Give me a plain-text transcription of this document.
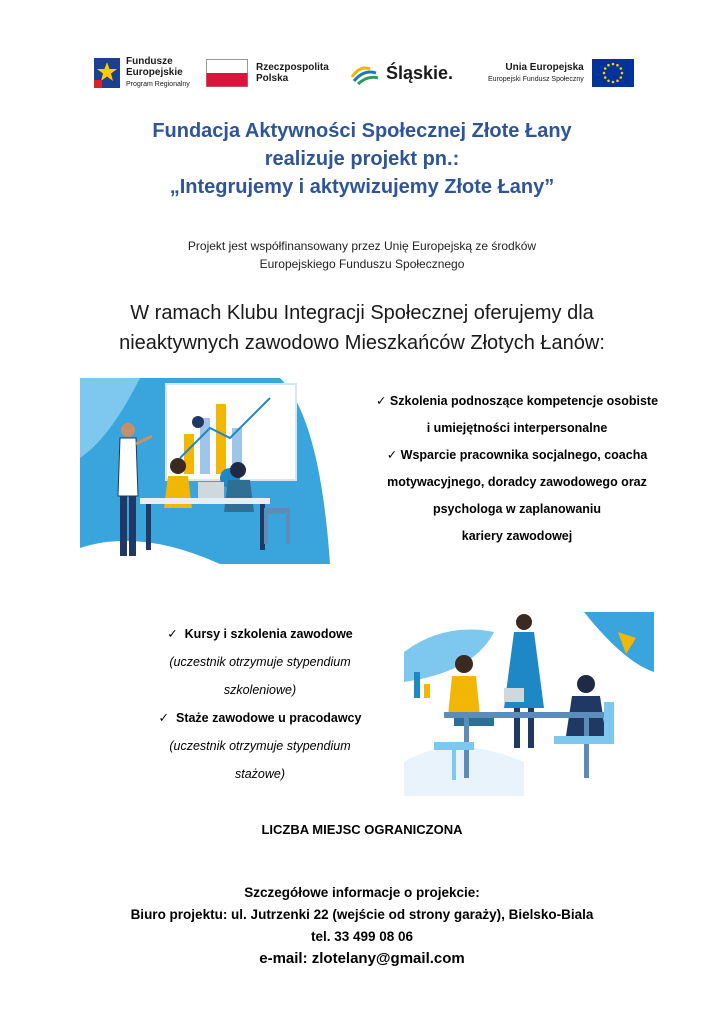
Fundusze
Europejskie
Program Regionalny
Rzeczpospolita
Polska	Śląskie.	Unia Europejska
Europejski Fundusz Społeczny
Fundacja Aktywności Społecznej Złote Łany
realizuje projekt pn.:
„Integrujemy i aktywizujemy Złote Łany”
Projekt jest współfinansowany przez Unię Europejską ze środków
Europejskiego Funduszu Społecznego
W ramach Klubu Integracji Społecznej oferujemy dla
nieaktywnych zawodowo Mieszkańców Złotych Łanów:
✓ Szkolenia podnoszące kompetencje osobiste
i umiejętności interpersonalne
✓ Wsparcie pracownika socjalnego, coacha
motywacyjnego, doradcy zawodowego oraz
psychologa w zaplanowaniu
kariery zawodowej
✓ Kursy i szkolenia zawodowe
(uczestnik otrzymuje stypendium
szkoleniowe)
✓ Staże zawodowe u pracodawcy
(uczestnik otrzymuje stypendium
stażowe)
LICZBA MIEJSC OGRANICZONA
Szczegółowe informacje o projekcie:
Biuro projektu: ul. Jutrzenki 22 (wejście od strony garaży), Bielsko-Biala
tel. 33 499 08 06
e-mail: zlotelany@gmail.com
